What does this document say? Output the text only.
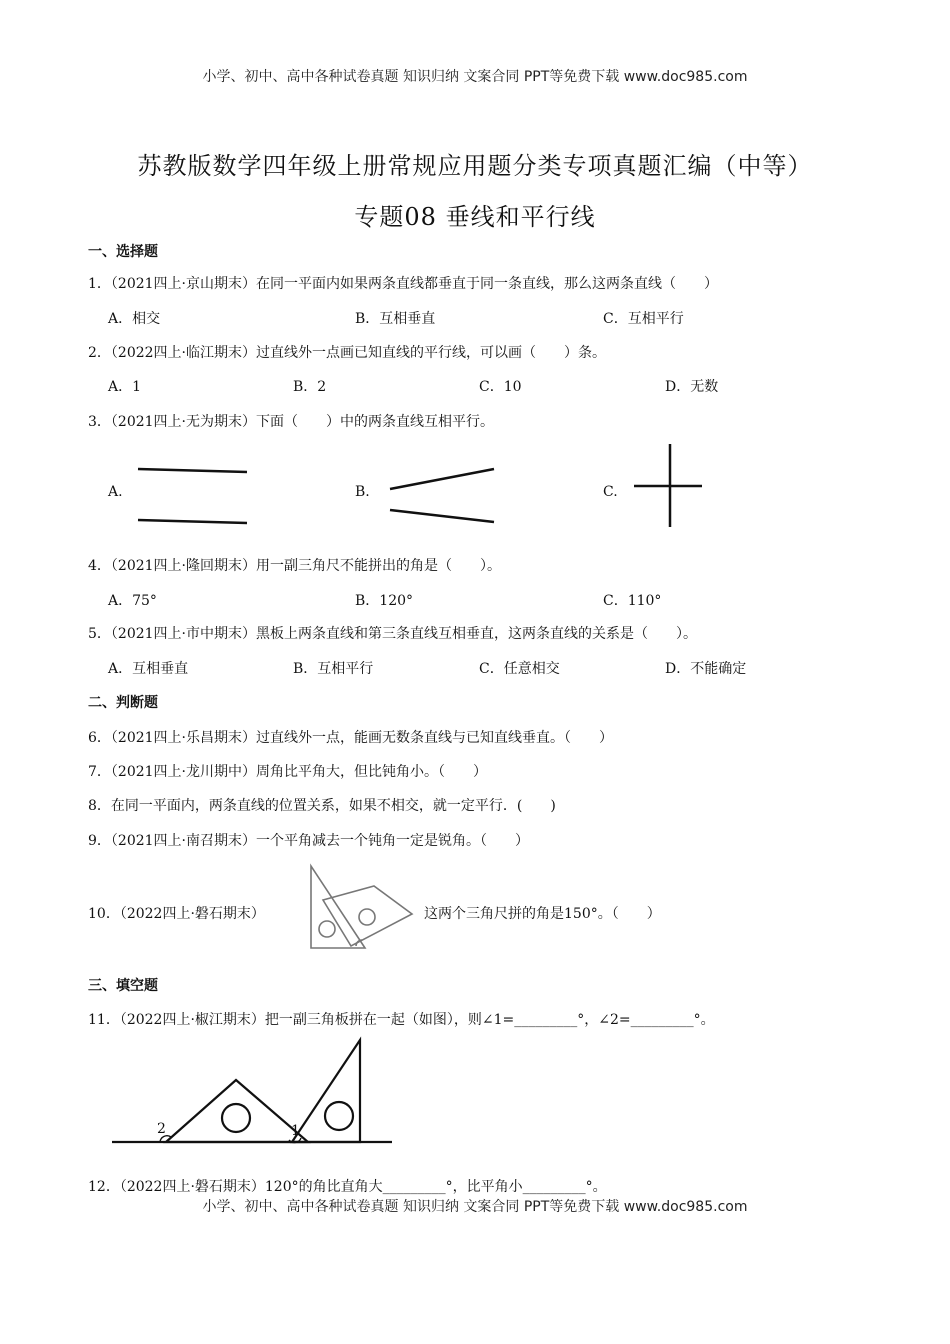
小学、初中、高中各种试卷真题 知识归纳 文案合同 PPT等免费下载 www.doc985.com
苏教版数学四年级上册常规应用题分类专项真题汇编（中等）
专题08 垂线和平行线
一、选择题
1．（2021四上·京山期末）在同一平面内如果两条直线都垂直于同一条直线，那么这两条直线（　　）
A．相交	B．互相垂直	C．互相平行
2．（2022四上·临江期末）过直线外一点画已知直线的平行线，可以画（　　）条。
A．1	B．2	C．10	D．无数
3．（2021四上·无为期末）下面（　　）中的两条直线互相平行。
A.	B.	C.
4．（2021四上·隆回期末）用一副三角尺不能拼出的角是（　　）。
A．75°	B．120°	C．110°
5．（2021四上·市中期末）黑板上两条直线和第三条直线互相垂直，这两条直线的关系是（　　）。
A．互相垂直	B．互相平行	C．任意相交	D．不能确定
二、判断题
6．（2021四上·乐昌期末）过直线外一点，能画无数条直线与已知直线垂直。（　　）
7．（2021四上·龙川期中）周角比平角大，但比钝角小。（　　）
8．在同一平面内，两条直线的位置关系，如果不相交，就一定平行．(　　)
9．（2021四上·南召期末）一个平角减去一个钝角一定是锐角。（　　）
10．（2022四上·磐石期末）	这两个三角尺拼的角是150°。（　　）
三、填空题
11．（2022四上·椒江期末）把一副三角板拼在一起（如图），则∠1=_________°，∠2=_________°。
2	1
12．（2022四上·磐石期末）120°的角比直角大_________°，比平角小_________°。
小学、初中、高中各种试卷真题 知识归纳 文案合同 PPT等免费下载 www.doc985.com
